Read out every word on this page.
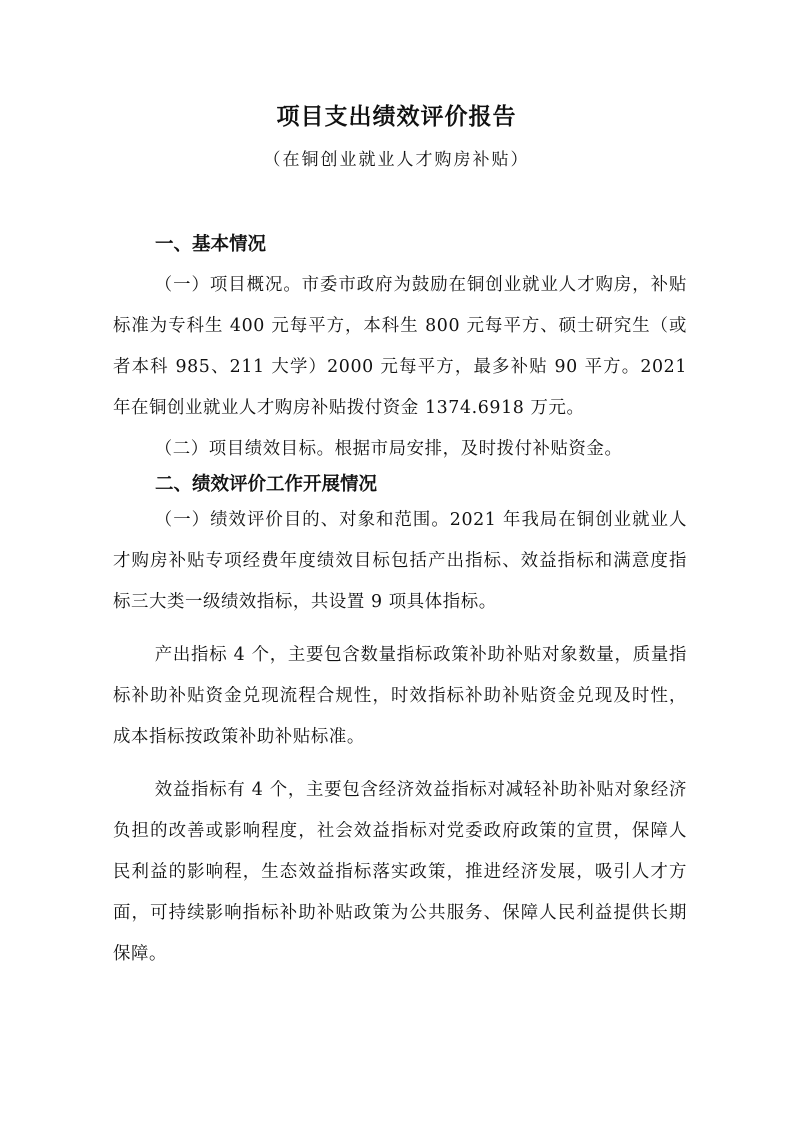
项目支出绩效评价报告
（在铜创业就业人才购房补贴）

一、基本情况

（一）项目概况。市委市政府为鼓励在铜创业就业人才购房，补贴标准为专科生 400 元每平方，本科生 800 元每平方、硕士研究生（或者本科 985、211 大学）2000 元每平方，最多补贴 90 平方。2021 年在铜创业就业人才购房补贴拨付资金 1374.6918 万元。

（二）项目绩效目标。根据市局安排，及时拨付补贴资金。

二、绩效评价工作开展情况

（一）绩效评价目的、对象和范围。2021 年我局在铜创业就业人才购房补贴专项经费年度绩效目标包括产出指标、效益指标和满意度指标三大类一级绩效指标，共设置 9 项具体指标。

产出指标 4 个，主要包含数量指标政策补助补贴对象数量，质量指标补助补贴资金兑现流程合规性，时效指标补助补贴资金兑现及时性，成本指标按政策补助补贴标准。

效益指标有 4 个，主要包含经济效益指标对减轻补助补贴对象经济负担的改善或影响程度，社会效益指标对党委政府政策的宣贯，保障人民利益的影响程，生态效益指标落实政策，推进经济发展，吸引人才方面，可持续影响指标补助补贴政策为公共服务、保障人民利益提供长期保障。
